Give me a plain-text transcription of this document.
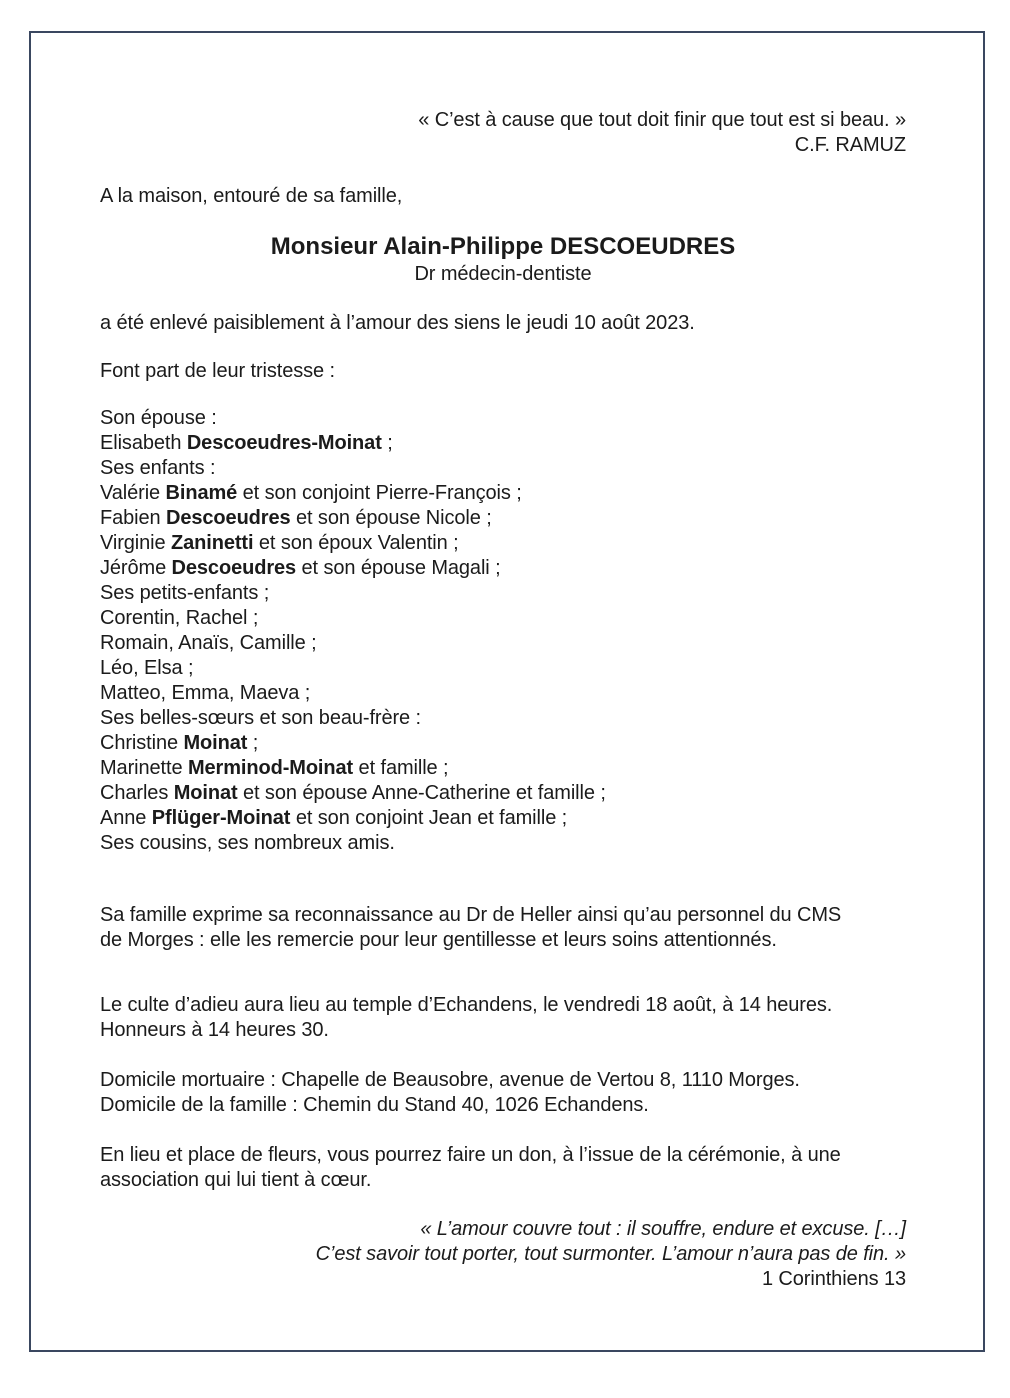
« C’est à cause que tout doit finir que tout est si beau. »
C.F. RAMUZ
A la maison, entouré de sa famille,
Monsieur Alain-Philippe DESCOEUDRES
Dr médecin-dentiste
a été enlevé paisiblement à l’amour des siens le jeudi 10 août 2023.
Font part de leur tristesse :
Son épouse :
Elisabeth Descoeudres-Moinat ;
Ses enfants :
Valérie Binamé et son conjoint Pierre-François ;
Fabien Descoeudres et son épouse Nicole ;
Virginie Zaninetti et son époux Valentin ;
Jérôme Descoeudres et son épouse Magali ;
Ses petits-enfants ;
Corentin, Rachel ;
Romain, Anaïs, Camille ;
Léo, Elsa ;
Matteo, Emma, Maeva ;
Ses belles-sœurs et son beau-frère :
Christine Moinat ;
Marinette Merminod-Moinat et famille ;
Charles Moinat et son épouse Anne-Catherine et famille ;
Anne Pflüger-Moinat et son conjoint Jean et famille ;
Ses cousins, ses nombreux amis.
Sa famille exprime sa reconnaissance au Dr de Heller ainsi qu’au personnel du CMS
de Morges : elle les remercie pour leur gentillesse et leurs soins attentionnés.
Le culte d’adieu aura lieu au temple d’Echandens, le vendredi 18 août, à 14 heures.
Honneurs à 14 heures 30.
Domicile mortuaire : Chapelle de Beausobre, avenue de Vertou 8, 1110 Morges.
Domicile de la famille : Chemin du Stand 40, 1026 Echandens.
En lieu et place de fleurs, vous pourrez faire un don, à l’issue de la cérémonie, à une
association qui lui tient à cœur.
« L’amour couvre tout : il souffre, endure et excuse. […]
C’est savoir tout porter, tout surmonter. L’amour n’aura pas de fin. »
1 Corinthiens 13
